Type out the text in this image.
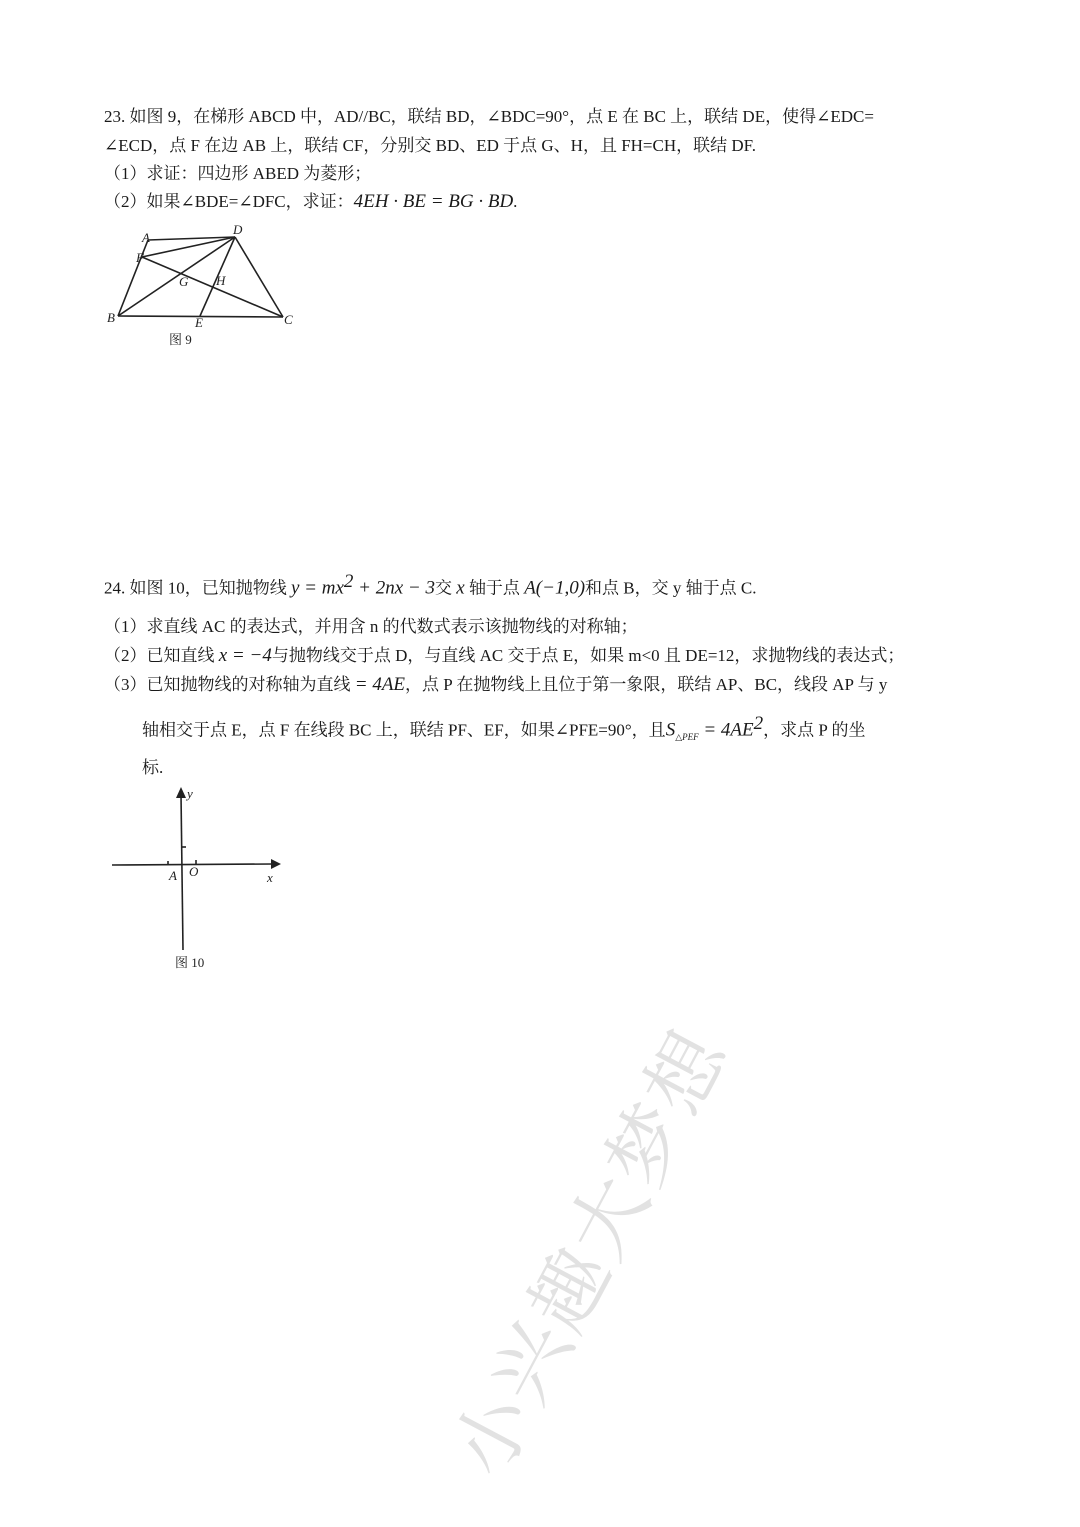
小兴趣大梦想
23. 如图 9，在梯形 ABCD 中，AD//BC，联结 BD，∠BDC=90°，点 E 在 BC 上，联结 DE，使得∠EDC=
∠ECD，点 F 在边 AB 上，联结 CF，分别交 BD、ED 于点 G、H，且 FH=CH，联结 DF.
（1）求证：四边形 ABED 为菱形；
（2）如果∠BDE=∠DFC，求证：4EH · BE = BG · BD.
A
D
F
G H
B	E	C
图 9
24. 如图 10，已知抛物线 $y = mx^2 + 2nx - 3$交 x 轴于点 A(−1,0)和点 B，交 y 轴于点 C.
（1）求直线 AC 的表达式，并用含 n 的代数式表示该抛物线的对称轴；
（2）已知直线 x = −4与抛物线交于点 D，与直线 AC 交于点 E，如果 m<0 且 DE=12，求抛物线的表达式；
（3）已知抛物线的对称轴为直线 = 4AE，点 P 在抛物线上且位于第一象限，联结 AP、BC，线段 AP 与 y
轴相交于点 E，点 F 在线段 BC 上，联结 PF、EF，如果∠PFE=90°，且$S_{\triangle PEF} = 4AE^2$，求点 P 的坐
标.
y
x
A O
图 10
